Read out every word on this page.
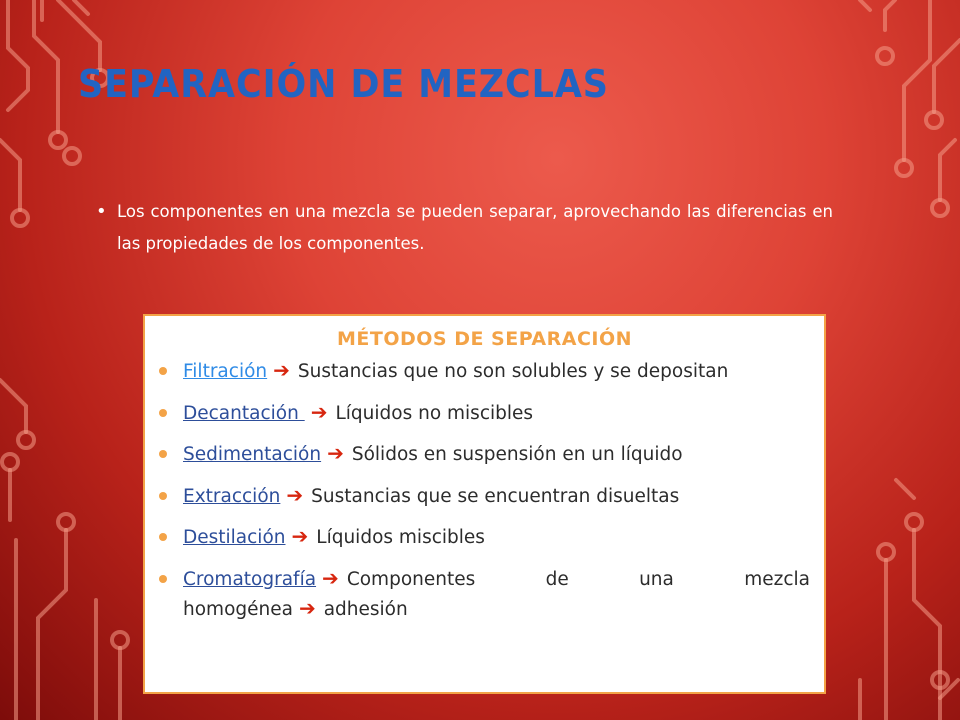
SEPARACIÓN DE MEZCLAS
• Los componentes en una mezcla se pueden separar, aprovechando las diferencias en las propiedades de los componentes.
MÉTODOS DE SEPARACIÓN
Filtración ➔ Sustancias que no son solubles y se depositan
Decantación ➔ Líquidos no miscibles
Sedimentación ➔ Sólidos en suspensión en un líquido
Extracción ➔ Sustancias que se encuentran disueltas
Destilación ➔ Líquidos miscibles
Cromatografía ➔ Componentes de una mezcla homogénea ➔ adhesión
